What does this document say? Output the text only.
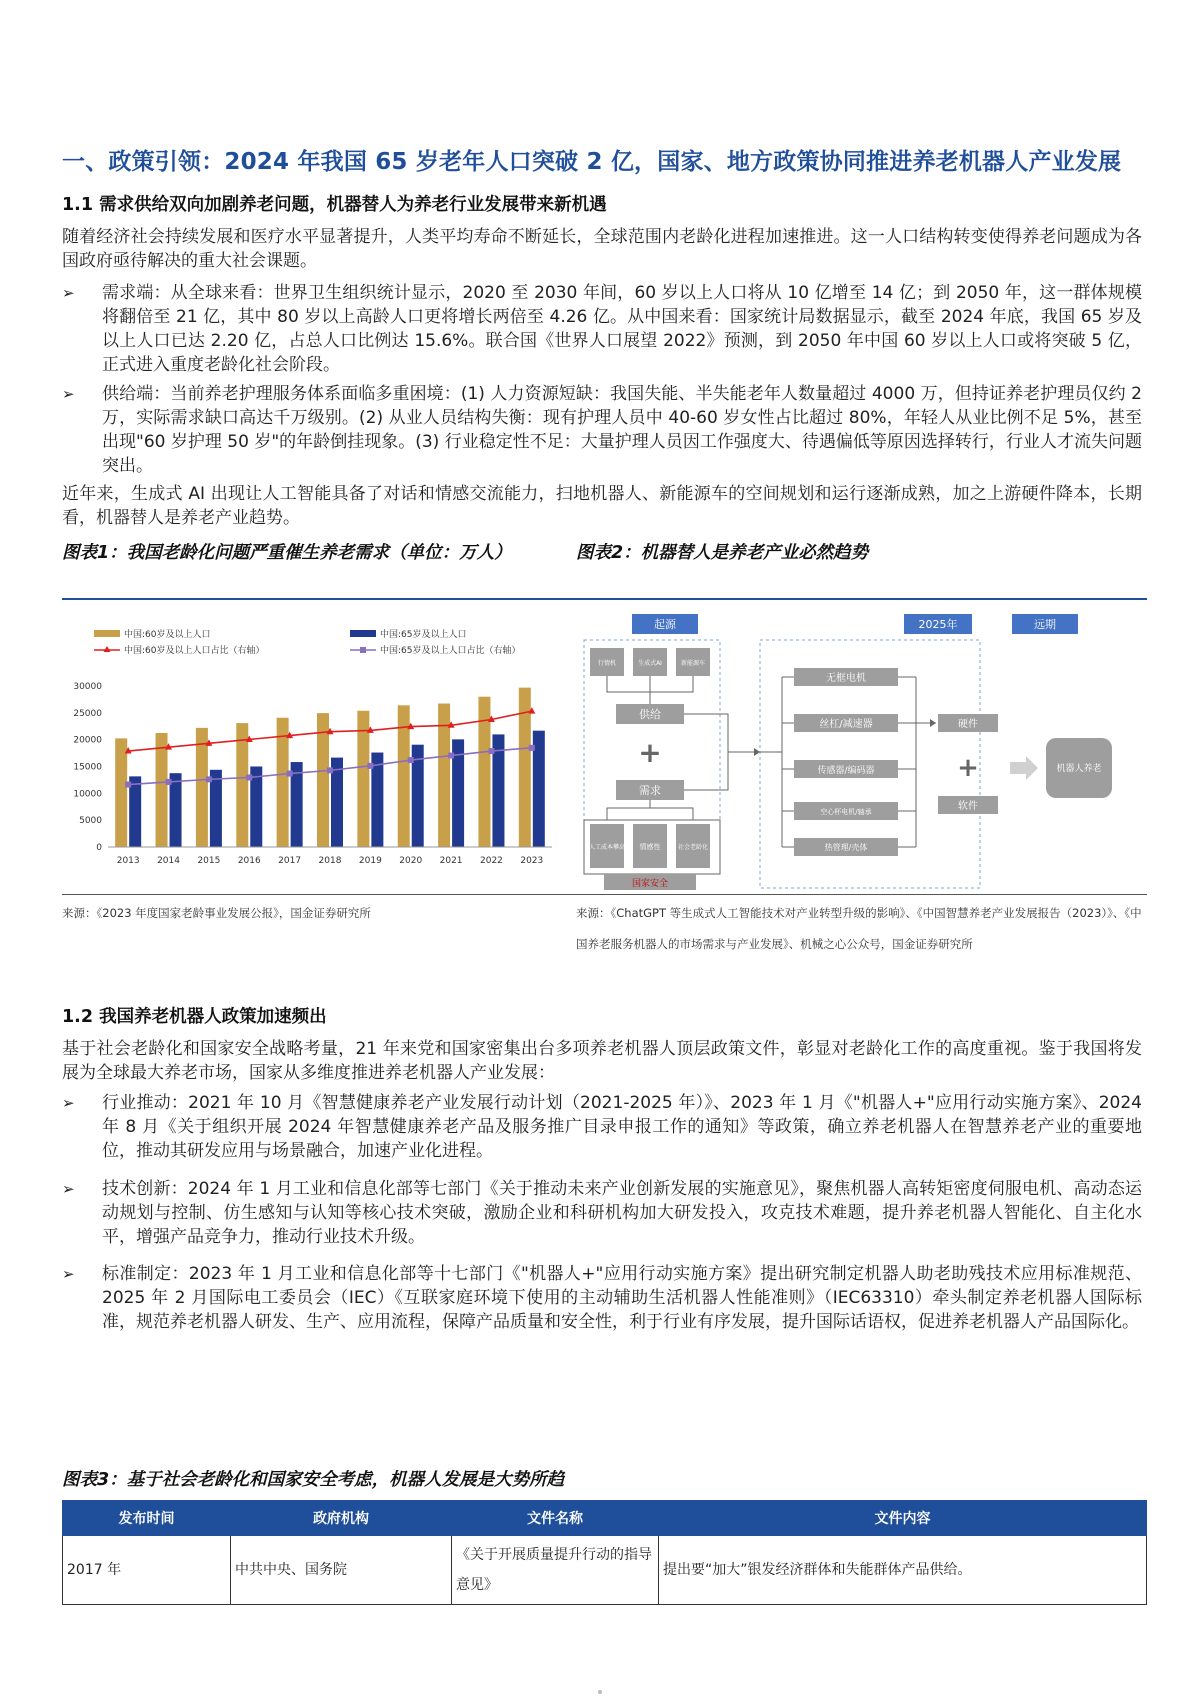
一、政策引领：2024 年我国 65 岁老年人口突破 2 亿，国家、地方政策协同推进养老机器人产业发展
1.1 需求供给双向加剧养老问题，机器替人为养老行业发展带来新机遇
随着经济社会持续发展和医疗水平显著提升，人类平均寿命不断延长，全球范围内老龄化进程加速推进。这一人口结构转变使得养老问题成为各国政府亟待解决的重大社会课题。
➢ 需求端：从全球来看：世界卫生组织统计显示，2020 至 2030 年间，60 岁以上人口将从 10 亿增至 14 亿；到 2050 年，这一群体规模将翻倍至 21 亿，其中 80 岁以上高龄人口更将增长两倍至 4.26 亿。从中国来看：国家统计局数据显示，截至 2024 年底，我国 65 岁及以上人口已达 2.20 亿，占总人口比例达 15.6%。联合国《世界人口展望 2022》预测，到 2050 年中国 60 岁以上人口或将突破 5 亿，正式进入重度老龄化社会阶段。
➢ 供给端：当前养老护理服务体系面临多重困境：(1) 人力资源短缺：我国失能、半失能老年人数量超过 4000 万，但持证养老护理员仅约 2 万，实际需求缺口高达千万级别。(2) 从业人员结构失衡：现有护理人员中 40-60 岁女性占比超过 80%，年轻人从业比例不足 5%，甚至出现"60 岁护理 50 岁"的年龄倒挂现象。(3) 行业稳定性不足：大量护理人员因工作强度大、待遇偏低等原因选择转行，行业人才流失问题突出。
近年来，生成式 AI 出现让人工智能具备了对话和情感交流能力，扫地机器人、新能源车的空间规划和运行逐渐成熟，加之上游硬件降本，长期看，机器替人是养老产业趋势。
图表1：我国老龄化问题严重催生养老需求（单位：万人）	图表2：机器替人是养老产业必然趋势
中国:60岁及以上人口	中国:65岁及以上人口
中国:60岁及以上人口占比（右轴）	中国:65岁及以上人口占比（右轴）
30000
25000
20000
15000
10000
5000
0
2013 2014 2015 2016 2017 2018 2019 2020 2021 2022 2023
起源	2025年	远期
行情机	生成式AI	新能源车
供给
+
需求
人工成本攀高 情感性	社会老龄化
国家安全
无框电机
丝杠/减速器
传感器/编码器
空心杯电机/轴承
热管理/壳体
硬件
+
软件
机器人养老
来源：《2023 年度国家老龄事业发展公报》，国金证券研究所	来源：《ChatGPT 等生成式人工智能技术对产业转型升级的影响》、《中国智慧养老产业发展报告（2023）》、《中国养老服务机器人的市场需求与产业发展》、机械之心公众号，国金证券研究所
1.2 我国养老机器人政策加速频出
基于社会老龄化和国家安全战略考量，21 年来党和国家密集出台多项养老机器人顶层政策文件，彰显对老龄化工作的高度重视。鉴于我国将发展为全球最大养老市场，国家从多维度推进养老机器人产业发展：
➢ 行业推动：2021 年 10 月《智慧健康养老产业发展行动计划（2021-2025 年）》、2023 年 1 月《"机器人+"应用行动实施方案》、2024 年 8 月《关于组织开展 2024 年智慧健康养老产品及服务推广目录申报工作的通知》等政策，确立养老机器人在智慧养老产业的重要地位，推动其研发应用与场景融合，加速产业化进程。
➢ 技术创新：2024 年 1 月工业和信息化部等七部门《关于推动未来产业创新发展的实施意见》，聚焦机器人高转矩密度伺服电机、高动态运动规划与控制、仿生感知与认知等核心技术突破，激励企业和科研机构加大研发投入，攻克技术难题，提升养老机器人智能化、自主化水平，增强产品竞争力，推动行业技术升级。
➢ 标准制定：2023 年 1 月工业和信息化部等十七部门《"机器人+"应用行动实施方案》提出研究制定机器人助老助残技术应用标准规范、2025 年 2 月国际电工委员会（IEC）《互联家庭环境下使用的主动辅助生活机器人性能准则》（IEC63310）牵头制定养老机器人国际标准，规范养老机器人研发、生产、应用流程，保障产品质量和安全性，利于行业有序发展，提升国际话语权，促进养老机器人产品国际化。
图表3：基于社会老龄化和国家安全考虑，机器人发展是大势所趋
发布时间	政府机构	文件名称	文件内容
2017 年	中共中央、国务院	《关于开展质量提升行动的指导意见》	提出要“加大”银发经济群体和失能群体产品供给。
